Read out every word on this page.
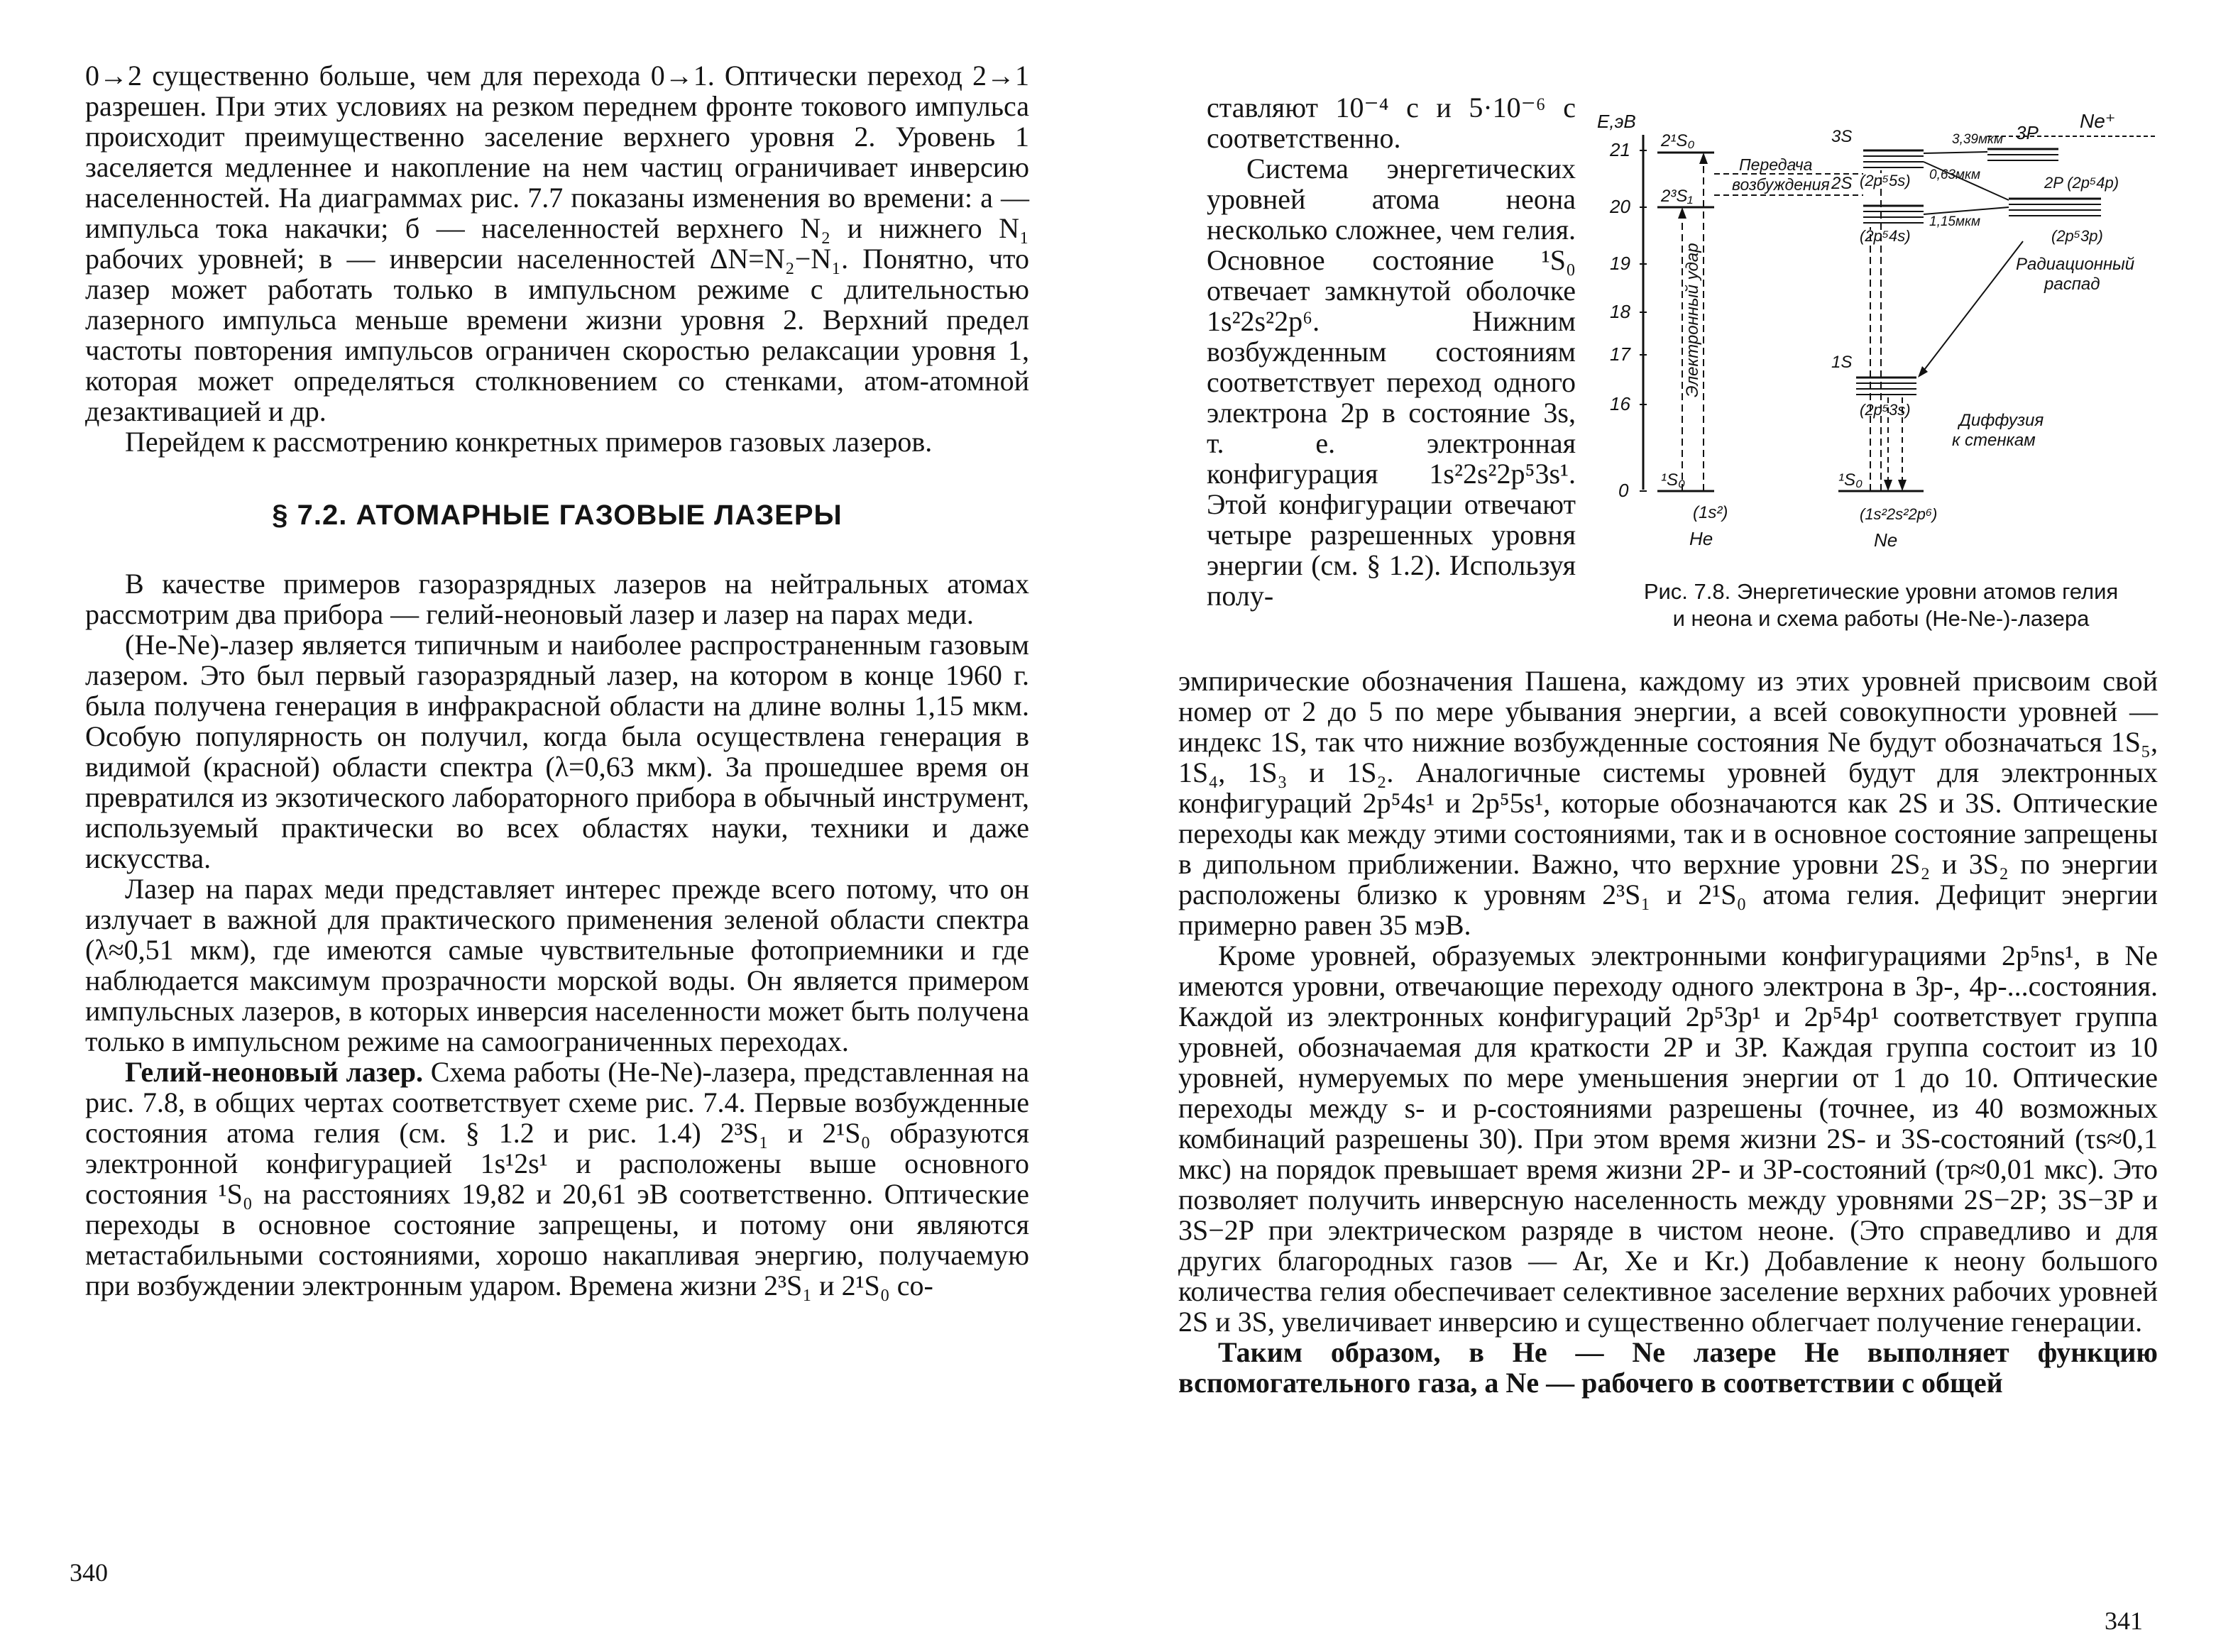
0→2 существенно больше, чем для перехода 0→1. Оптически переход 2→1 разрешен. При этих условиях на резком переднем фронте токового импульса происходит преимущественно заселение верхнего уровня 2. Уровень 1 заселяется медленнее и накопление на нем частиц ограничивает инверсию населенностей. На диаграммах рис. 7.7 показаны изменения во времени: а — импульса тока накачки; б — населенностей верхнего N₂ и нижнего N₁ рабочих уровней; в — инверсии населенностей ΔN=N₂−N₁. Понятно, что лазер может работать только в импульсном режиме с длительностью лазерного импульса меньше времени жизни уровня 2. Верхний предел частоты повторения импульсов ограничен скоростью релаксации уровня 1, которая может определяться столкновением со стенками, атом-атомной дезактивацией и др.

Перейдем к рассмотрению конкретных примеров газовых лазеров.

§ 7.2. АТОМАРНЫЕ ГАЗОВЫЕ ЛАЗЕРЫ

В качестве примеров газоразрядных лазеров на нейтральных атомах рассмотрим два прибора — гелий-неоновый лазер и лазер на парах меди.

(He-Ne)-лазер является типичным и наиболее распространенным газовым лазером. Это был первый газоразрядный лазер, на котором в конце 1960 г. была получена генерация в инфракрасной области на длине волны 1,15 мкм. Особую популярность он получил, когда была осуществлена генерация в видимой (красной) области спектра (λ=0,63 мкм). За прошедшее время он превратился из экзотического лабораторного прибора в обычный инструмент, используемый практически во всех областях науки, техники и даже искусства.

Лазер на парах меди представляет интерес прежде всего потому, что он излучает в важной для практического применения зеленой области спектра (λ≈0,51 мкм), где имеются самые чувствительные фотоприемники и где наблюдается максимум прозрачности морской воды. Он является примером импульсных лазеров, в которых инверсия населенности может быть получена только в импульсном режиме на самоограниченных переходах.

Гелий-неоновый лазер. Схема работы (He-Ne)-лазера, представленная на рис. 7.8, в общих чертах соответствует схеме рис. 7.4. Первые возбужденные состояния атома гелия (см. § 1.2 и рис. 1.4) 2³S₁ и 2¹S₀ образуются электронной конфигурацией 1s¹2s¹ и расположены выше основного состояния ¹S₀ на расстояниях 19,82 и 20,61 эВ соответственно. Оптические переходы в основное состояние запрещены, и потому они являются метастабильными состояниями, хорошо накапливая энергию, получаемую при возбуждении электронным ударом. Времена жизни 2³S₁ и 2¹S₀ со-

340

ставляют 10⁻⁴ с и 5·10⁻⁶ с соответственно.

Система энергетических уровней атома неона несколько сложнее, чем гелия. Основное состояние ¹S₀ отвечает замкнутой оболочке 1s²2s²2p⁶. Нижним возбужденным состояниям соответствует переход одного электрона 2p в состояние 3s, т. е. электронная конфигурация 1s²2s²2p⁵3s¹. Этой конфигурации отвечают четыре разрешенных уровня энергии (см. § 1.2). Используя полу-

Е,эВ
21
20
19
18
17
16
0
Ne⁺
2¹S₀
2³S₁
¹S₀
(1s²)
He
Электронный удар
Передача
возбуждения
3S
(2p⁵5s)
2S
(2p⁵4s)
1S
(2p⁵3s)
¹S₀
(1s²2s²2p⁶)
Ne
3P
2P (2p⁵4p)
(2p⁵3p)
3,39мкм
0,63мкм
1,15мкм
Радиационный
распад
Диффузия
к стенкам
Рис. 7.8. Энергетические уровни атомов гелия
и неона и схема работы (He-Ne-)-лазера

эмпирические обозначения Пашена, каждому из этих уровней присвоим свой номер от 2 до 5 по мере убывания энергии, а всей совокупности уровней — индекс 1S, так что нижние возбужденные состояния Ne будут обозначаться 1S₅, 1S₄, 1S₃ и 1S₂. Аналогичные системы уровней будут для электронных конфигураций 2p⁵4s¹ и 2p⁵5s¹, которые обозначаются как 2S и 3S. Оптические переходы как между этими состояниями, так и в основное состояние запрещены в дипольном приближении. Важно, что верхние уровни 2S₂ и 3S₂ по энергии расположены близко к уровням 2³S₁ и 2¹S₀ атома гелия. Дефицит энергии примерно равен 35 мэВ.

Кроме уровней, образуемых электронными конфигурациями 2p⁵ns¹, в Ne имеются уровни, отвечающие переходу одного электрона в 3p-, 4p-...состояния. Каждой из электронных конфигураций 2p⁵3p¹ и 2p⁵4p¹ соответствует группа уровней, обозначаемая для краткости 2P и 3P. Каждая группа состоит из 10 уровней, нумеруемых по мере уменьшения энергии от 1 до 10. Оптические переходы между s- и p-состояниями разрешены (точнее, из 40 возможных комбинаций разрешены 30). При этом время жизни 2S- и 3S-состояний (τs≈0,1 мкс) на порядок превышает время жизни 2P- и 3P-состояний (τp≈0,01 мкс). Это позволяет получить инверсную населенность между уровнями 2S−2P; 3S−3P и 3S−2P при электрическом разряде в чистом неоне. (Это справедливо и для других благородных газов — Ar, Xe и Kr.) Добавление к неону большого количества гелия обеспечивает селективное заселение верхних рабочих уровней 2S и 3S, увеличивает инверсию и существенно облегчает получение генерации.

Таким образом, в He — Ne лазере He выполняет функцию вспомогательного газа, а Ne — рабочего в соответствии с общей

341
